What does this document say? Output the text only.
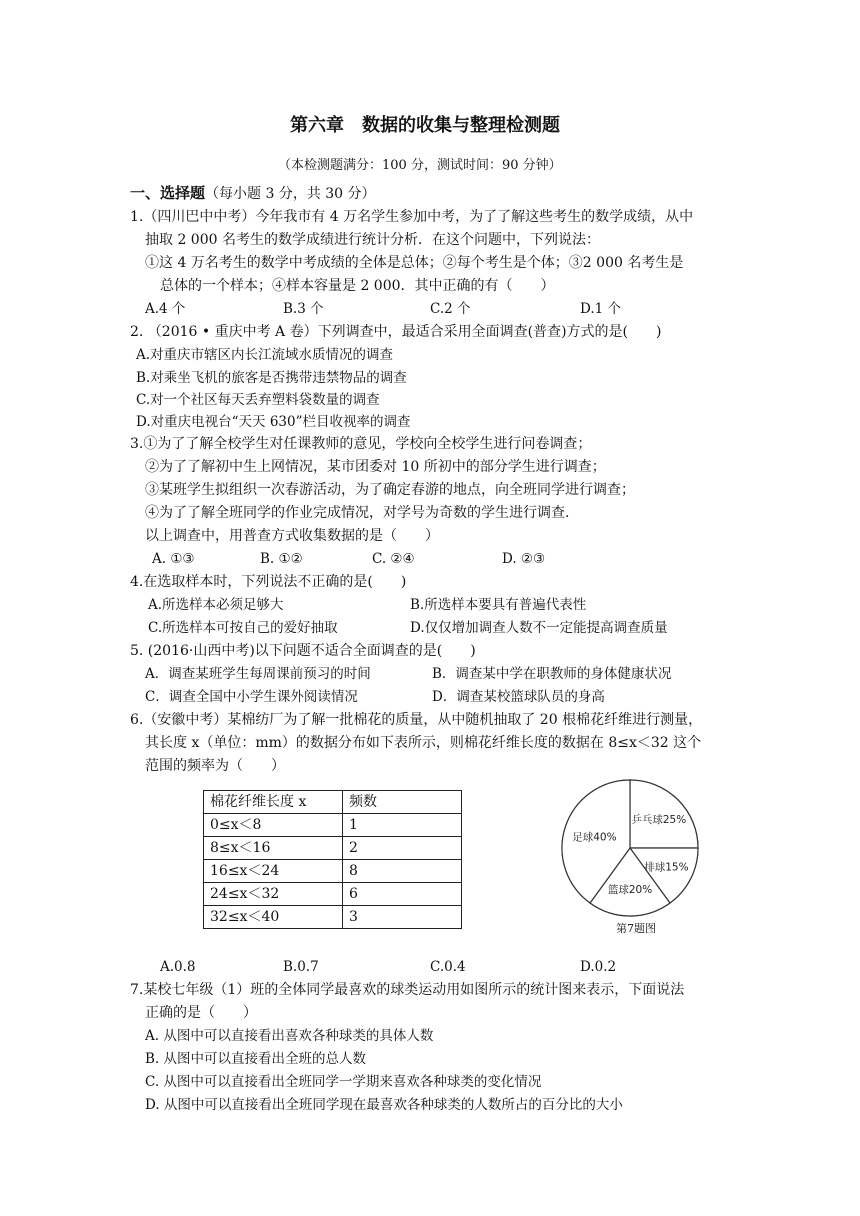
第六章　数据的收集与整理检测题
（本检测题满分：100 分，测试时间：90 分钟）
一、选择题（每小题 3 分，共 30 分）
1.（四川巴中中考）今年我市有 4 万名学生参加中考，为了了解这些考生的数学成绩，从中
抽取 2 000 名考生的数学成绩进行统计分析．在这个问题中，下列说法：
①这 4 万名考生的数学中考成绩的全体是总体；②每个考生是个体；③2 000 名考生是
总体的一个样本；④样本容量是 2 000．其中正确的有（　　）
A.4 个	B.3 个	C.2 个	D.1 个
2. （2016 • 重庆中考 A 卷）下列调查中，最适合采用全面调查(普查)方式的是(　　)
A.对重庆市辖区内长江流域水质情况的调查
B.对乘坐飞机的旅客是否携带违禁物品的调查
C.对一个社区每天丢弃塑料袋数量的调查
D.对重庆电视台“天天 630”栏目收视率的调查
3.①为了了解全校学生对任课教师的意见，学校向全校学生进行问卷调查；
②为了了解初中生上网情况，某市团委对 10 所初中的部分学生进行调查；
③某班学生拟组织一次春游活动，为了确定春游的地点，向全班同学进行调查；
④为了了解全班同学的作业完成情况，对学号为奇数的学生进行调查.
以上调查中，用普查方式收集数据的是（　　）
A. ①③	B. ①②	C. ②④	D. ②③
4.在选取样本时，下列说法不正确的是(　　)
A.所选样本必须足够大	B.所选样本要具有普遍代表性
C.所选样本可按自己的爱好抽取	D.仅仅增加调查人数不一定能提高调查质量
5. (2016·山西中考)以下问题不适合全面调查的是(　　)
A．调查某班学生每周课前预习的时间	B．调查某中学在职教师的身体健康状况
C．调查全国中小学生课外阅读情况	D．调查某校篮球队员的身高
6.（安徽中考）某棉纺厂为了解一批棉花的质量，从中随机抽取了 20 根棉花纤维进行测量，
其长度 x（单位：mm）的数据分布如下表所示，则棉花纤维长度的数据在 8≤x＜32 这个
范围的频率为（　　）
棉花纤维长度 x	频数
0≤x＜8	1
8≤x＜16	2
16≤x＜24	8
24≤x＜32	6
32≤x＜40	3
乒乓球25%
排球15%
篮球20%
足球40%
第7题图
A.0.8	B.0.7	C.0.4	D.0.2
7.某校七年级（1）班的全体同学最喜欢的球类运动用如图所示的统计图来表示，下面说法
正确的是（　　）
A. 从图中可以直接看出喜欢各种球类的具体人数
B. 从图中可以直接看出全班的总人数
C. 从图中可以直接看出全班同学一学期来喜欢各种球类的变化情况
D. 从图中可以直接看出全班同学现在最喜欢各种球类的人数所占的百分比的大小
